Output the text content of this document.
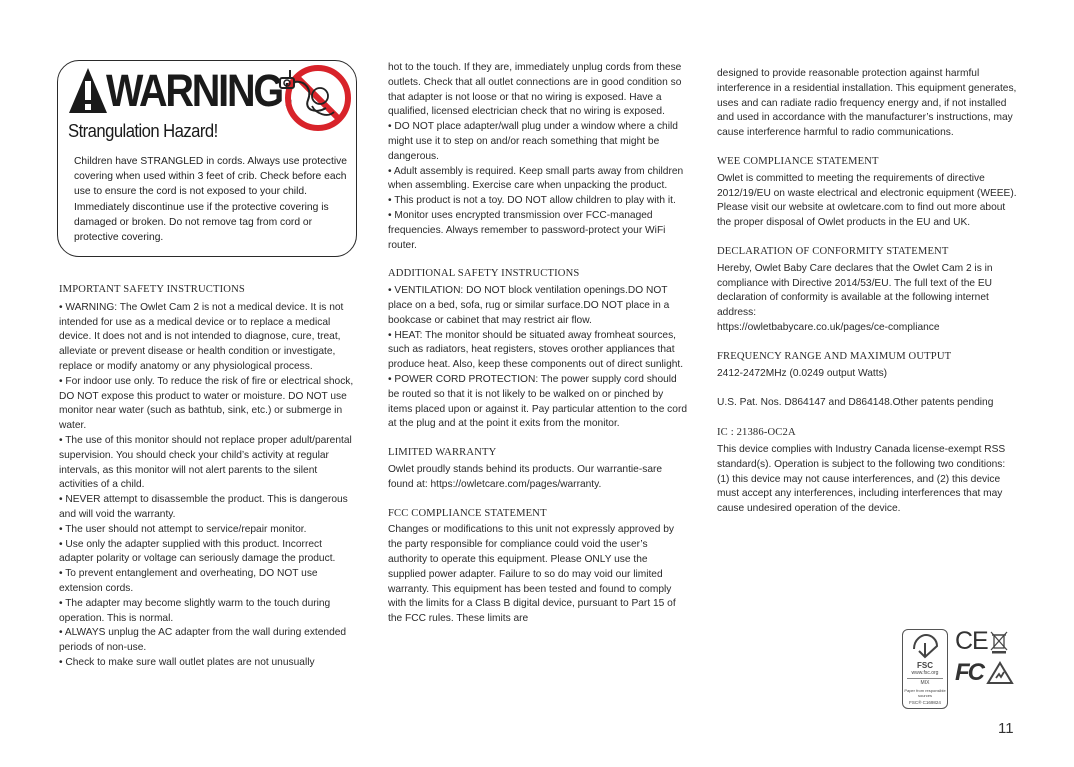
WARNING:
Strangulation Hazard!
Children have STRANGLED in cords. Always use protective covering when used within 3 feet of crib. Check before each use to ensure the cord is not exposed to your child. Immediately discontinue use if the protective covering is damaged or broken. Do not remove tag from cord or protective covering.

IMPORTANT SAFETY INSTRUCTIONS

• WARNING: The Owlet Cam 2 is not a medical device. It is not intended for use as a medical device or to replace a medical device. It does not and is not intended to diagnose, cure, treat, alleviate or prevent disease or health condition or investigate, replace or modify anatomy or any physiological process.

• For indoor use only. To reduce the risk of fire or electrical shock, DO NOT expose this product to water or moisture. DO NOT use monitor near water (such as bathtub, sink, etc.) or submerge in water.

• The use of this monitor should not replace proper adult/parental supervision. You should check your child’s activity at regular intervals, as this monitor will not alert parents to the silent activities of a child.

• NEVER attempt to disassemble the product. This is dangerous and will void the warranty.

• The user should not attempt to service/repair monitor.

• Use only the adapter supplied with this product. Incorrect adapter polarity or voltage can seriously damage the product.

• To prevent entanglement and overheating, DO NOT use extension cords.

• The adapter may become slightly warm to the touch during operation. This is normal.

• ALWAYS unplug the AC adapter from the wall during extended periods of non-use.

• Check to make sure wall outlet plates are not unusually

hot to the touch. If they are, immediately unplug cords from these outlets. Check that all outlet connections are in good condition so that adapter is not loose or that no wiring is exposed. Have a qualified, licensed electrician check that no wiring is exposed.

• DO NOT place adapter/wall plug under a window where a child might use it to step on and/or reach something that might be dangerous.

• Adult assembly is required. Keep small parts away from children when assembling. Exercise care when unpacking the product.

• This product is not a toy. DO NOT allow children to play with it.

• Monitor uses encrypted transmission over FCC-managed frequencies. Always remember to password-protect your WiFi router.

ADDITIONAL SAFETY INSTRUCTIONS

• VENTILATION: DO NOT block ventilation openings.DO NOT place on a bed, sofa, rug or similar surface.DO NOT place in a bookcase or cabinet that may restrict air flow.

• HEAT: The monitor should be situated away fromheat sources, such as radiators, heat registers, stoves orother appliances that produce heat. Also, keep these components out of direct sunlight.

• POWER CORD PROTECTION: The power supply cord should be routed so that it is not likely to be walked on or pinched by items placed upon or against it. Pay particular attention to the cord at the plug and at the point it exits from the monitor.

LIMITED WARRANTY

Owlet proudly stands behind its products. Our warrantie-sare found at: https://owletcare.com/pages/warranty.

FCC COMPLIANCE STATEMENT

Changes or modifications to this unit not expressly approved by the party responsible for compliance could void the user’s authority to operate this equipment. Please ONLY use the supplied power adapter. Failure to so do may void our limited warranty. This equipment has been tested and found to comply with the limits for a Class B digital device, pursuant to Part 15 of the FCC rules. These limits are

designed to provide reasonable protection against harmful interference in a residential installation. This equipment generates, uses and can radiate radio frequency energy and, if not installed and used in accordance with the manufacturer’s instructions, may cause interference harmful to radio communications.

WEE COMPLIANCE STATEMENT

Owlet is committed to meeting the requirements of directive 2012/19/EU on waste electrical and electronic equipment (WEEE). Please visit our website at owletcare.com to find out more about the proper disposal of Owlet products in the EU and UK.

DECLARATION OF CONFORMITY STATEMENT

Hereby, Owlet Baby Care declares that the Owlet Cam 2 is in compliance with Directive 2014/53/EU. The full text of the EU declaration of conformity is available at the following internet address:

https://owletbabycare.co.uk/pages/ce-compliance

FREQUENCY RANGE AND MAXIMUM OUTPUT

2412-2472MHz (0.0249 output Watts)

U.S. Pat. Nos. D864147 and D864148.Other patents pending

IC : 21386-OC2A

This device complies with Industry Canada license-exempt RSS standard(s). Operation is subject to the following two conditions: (1) this device may not cause interferences, and (2) this device must accept any interferences, including interferences that may cause undesired operation of the device.

FSC
www.fsc.org
MIX
Paper from responsible sources
FSC® C169824
CE
FC
11
